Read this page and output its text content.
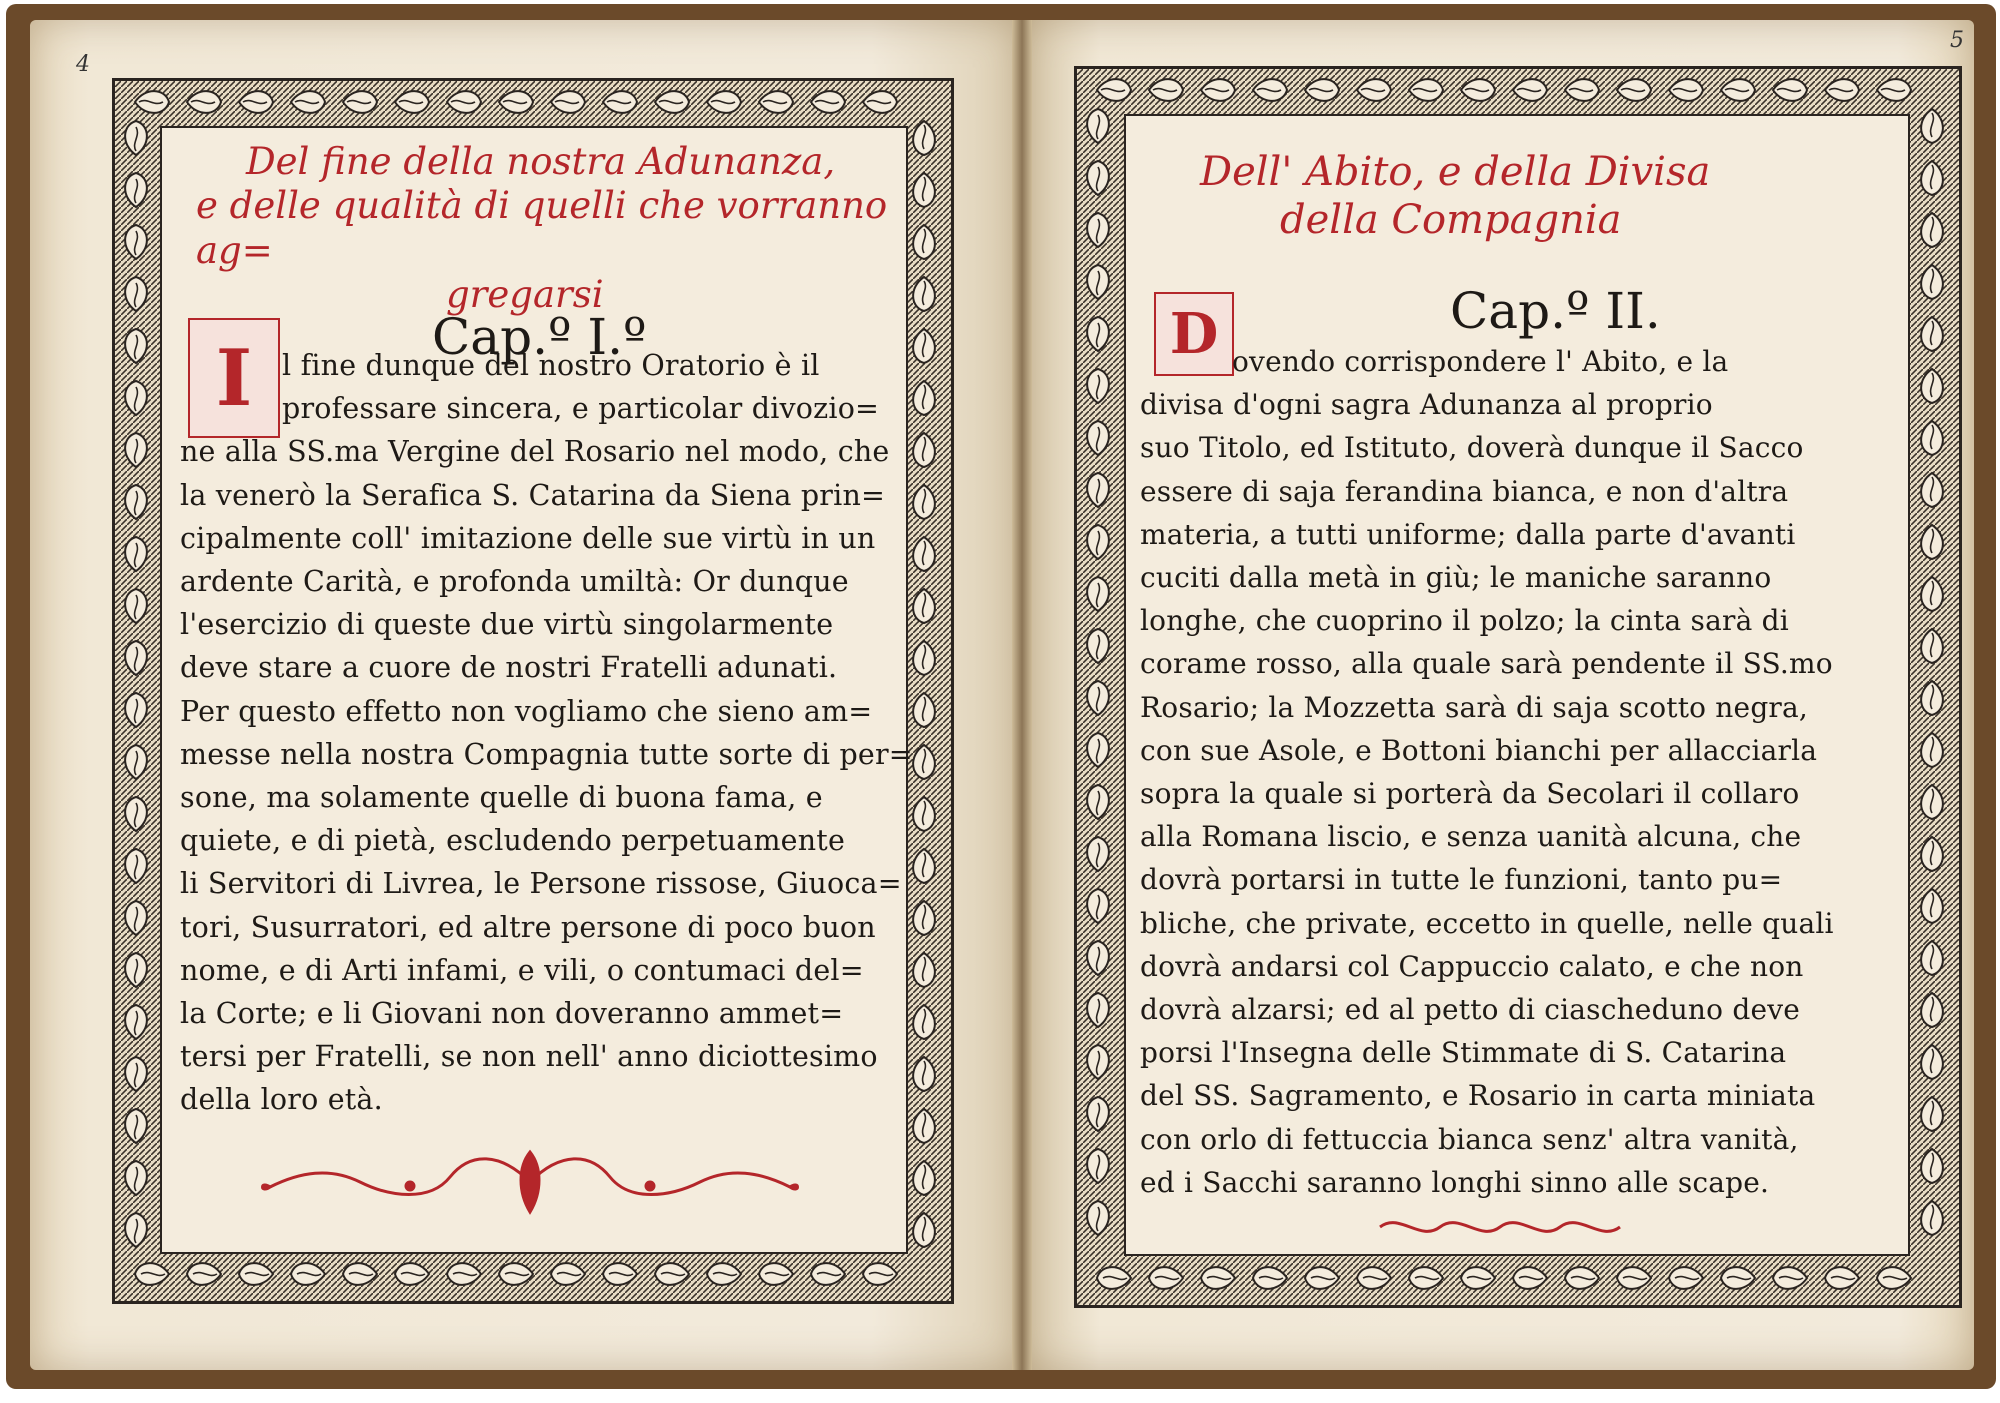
4
5
Del fine della nostra Adunanza,
e delle qualità di quelli che vorranno ag=
gregarsi
Cap.º I.º
I	l fine dunque del nostro Oratorio è il
professare sincera, e particolar divozio=
ne alla SS.ma Vergine del Rosario nel modo, che
la venerò la Serafica S. Catarina da Siena prin=
cipalmente coll' imitazione delle sue virtù in un
ardente Carità, e profonda umiltà: Or dunque
l'esercizio di queste due virtù singolarmente
deve stare a cuore de nostri Fratelli adunati.
Per questo effetto non vogliamo che sieno am=
messe nella nostra Compagnia tutte sorte di per=
sone, ma solamente quelle di buona fama, e
quiete, e di pietà, escludendo perpetuamente
li Servitori di Livrea, le Persone rissose, Giuoca=
tori, Susurratori, ed altre persone di poco buon
nome, e di Arti infami, e vili, o contumaci del=
la Corte; e li Giovani non doveranno ammet=
tersi per Fratelli, se non nell' anno diciottesimo
della loro età.
Dell' Abito, e della Divisa
della Compagnia
Cap.º II.
D ovendo corrispondere l' Abito, e la
divisa d'ogni sagra Adunanza al proprio
suo Titolo, ed Istituto, doverà dunque il Sacco
essere di saja ferandina bianca, e non d'altra
materia, a tutti uniforme; dalla parte d'avanti
cuciti dalla metà in giù; le maniche saranno
longhe, che cuoprino il polzo; la cinta sarà di
corame rosso, alla quale sarà pendente il SS.mo
Rosario; la Mozzetta sarà di saja scotto negra,
con sue Asole, e Bottoni bianchi per allacciarla
sopra la quale si porterà da Secolari il collaro
alla Romana liscio, e senza uanità alcuna, che
dovrà portarsi in tutte le funzioni, tanto pu=
bliche, che private, eccetto in quelle, nelle quali
dovrà andarsi col Cappuccio calato, e che non
dovrà alzarsi; ed al petto di ciascheduno deve
porsi l'Insegna delle Stimmate di S. Catarina
del SS. Sagramento, e Rosario in carta miniata
con orlo di fettuccia bianca senz' altra vanità,
ed i Sacchi saranno longhi sinno alle scape.
